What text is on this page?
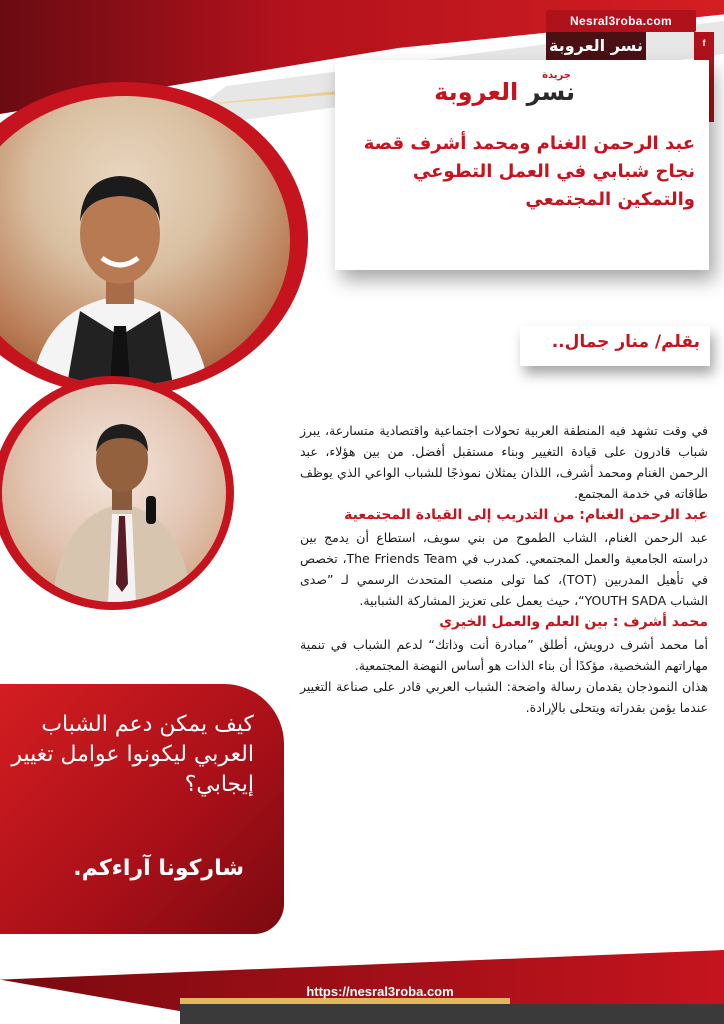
Nesral3roba.com
نسر العروبة	f
جريدة
نسر العروبة
عبد الرحمن الغنام ومحمد أشرف قصة نجاح شبابي في العمل التطوعي والتمكين المجتمعي
بقلم/ منار جمال..

في وقت تشهد فيه المنطقة العربية تحولات اجتماعية واقتصادية متسارعة، يبرز شباب قادرون على قيادة التغيير وبناء مستقبل أفضل. من بين هؤلاء، عبد الرحمن الغنام ومحمد أشرف، اللذان يمثلان نموذجًا للشباب الواعي الذي يوظف طاقاته في خدمة المجتمع.

عبد الرحمن الغنام: من التدريب إلى القيادة المجتمعية

عبد الرحمن الغنام، الشاب الطموح من بني سويف، استطاع أن يدمج بين دراسته الجامعية والعمل المجتمعي. كمدرب في The Friends Team، تخصص في تأهيل المدربين (TOT)، كما تولى منصب المتحدث الرسمي لـ ”صدى الشباب YOUTH SADA“، حيث يعمل على تعزيز المشاركة الشبابية.

محمد أشرف : بين العلم والعمل الخيري

أما محمد أشرف درويش، أطلق ”مبادرة أنت وذاتك“ لدعم الشباب في تنمية مهاراتهم الشخصية، مؤكدًا أن بناء الذات هو أساس النهضة المجتمعية.

هذان النموذجان يقدمان رسالة واضحة: الشباب العربي قادر على صناعة التغيير عندما يؤمن بقدراته ويتحلى بالإرادة.

كيف يمكن دعم الشباب العربي ليكونوا عوامل تغيير إيجابي؟
شاركونا آراءكم.
https://nesral3roba.com
